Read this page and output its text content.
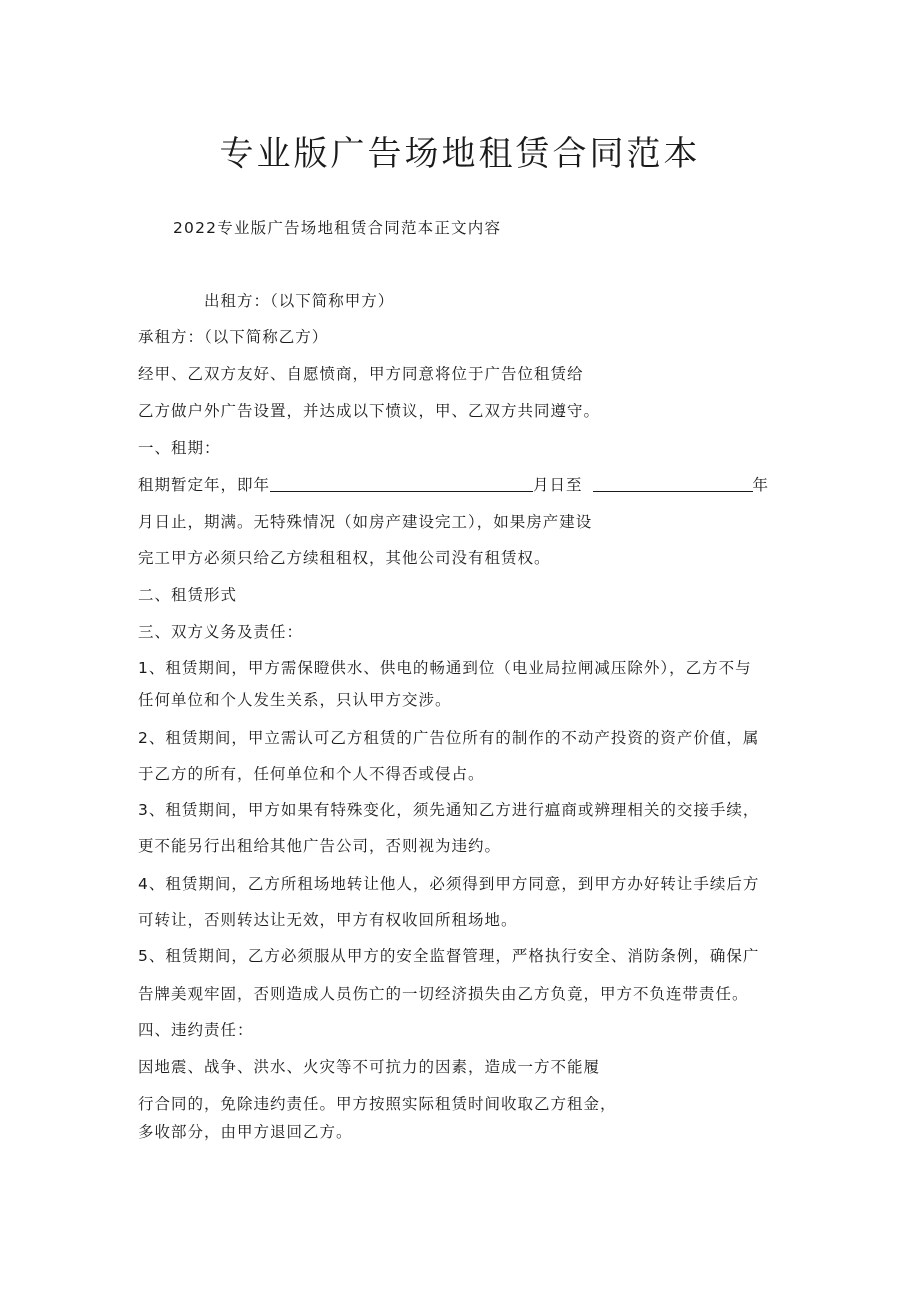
专业版广告场地租赁合同范本
2022专业版广告场地租赁合同范本正文内容
出租方：（以下简称甲方）
承租方：（以下简称乙方）
经甲、乙双方友好、自愿愤商，甲方同意将位于广告位租赁给
乙方做户外广告设置，并达成以下愤议，甲、乙双方共同遵守。
一、租期：
租期暂定年，即年	月日至	年
月日止，期满。无特殊情况（如房产建设完工），如果房产建设
完工甲方必须只给乙方续租租权，其他公司没有租赁权。
二、租赁形式
三、双方义务及责任：
1、租赁期间，甲方需保瞪供水、供电的畅通到位（电业局拉闸减压除外），乙方不与
任何单位和个人发生关系，只认甲方交涉。
2、租赁期间，甲立需认可乙方租赁的广告位所有的制作的不动产投资的资产价值，属
于乙方的所有，任何单位和个人不得否或侵占。
3、租赁期间，甲方如果有特殊变化，须先通知乙方进行瘟商或辨理相关的交接手续，
更不能另行出租给其他广告公司，否则视为违约。
4、租赁期间，乙方所租场地转让他人，必须得到甲方同意，到甲方办好转让手续后方
可转让，否则转达让无效，甲方有权收回所租场地。
5、租赁期间，乙方必须服从甲方的安全监督管理，严格执行安全、消防条例，确保广
告牌美观牢固，否则造成人员伤亡的一切经济损失由乙方负竟，甲方不负连带责任。
四、违约责任：
因地震、战争、洪水、火灾等不可抗力的因素，造成一方不能履
行合同的，免除违约责任。甲方按照实际租赁时间收取乙方租金，
多收部分，由甲方退回乙方。
